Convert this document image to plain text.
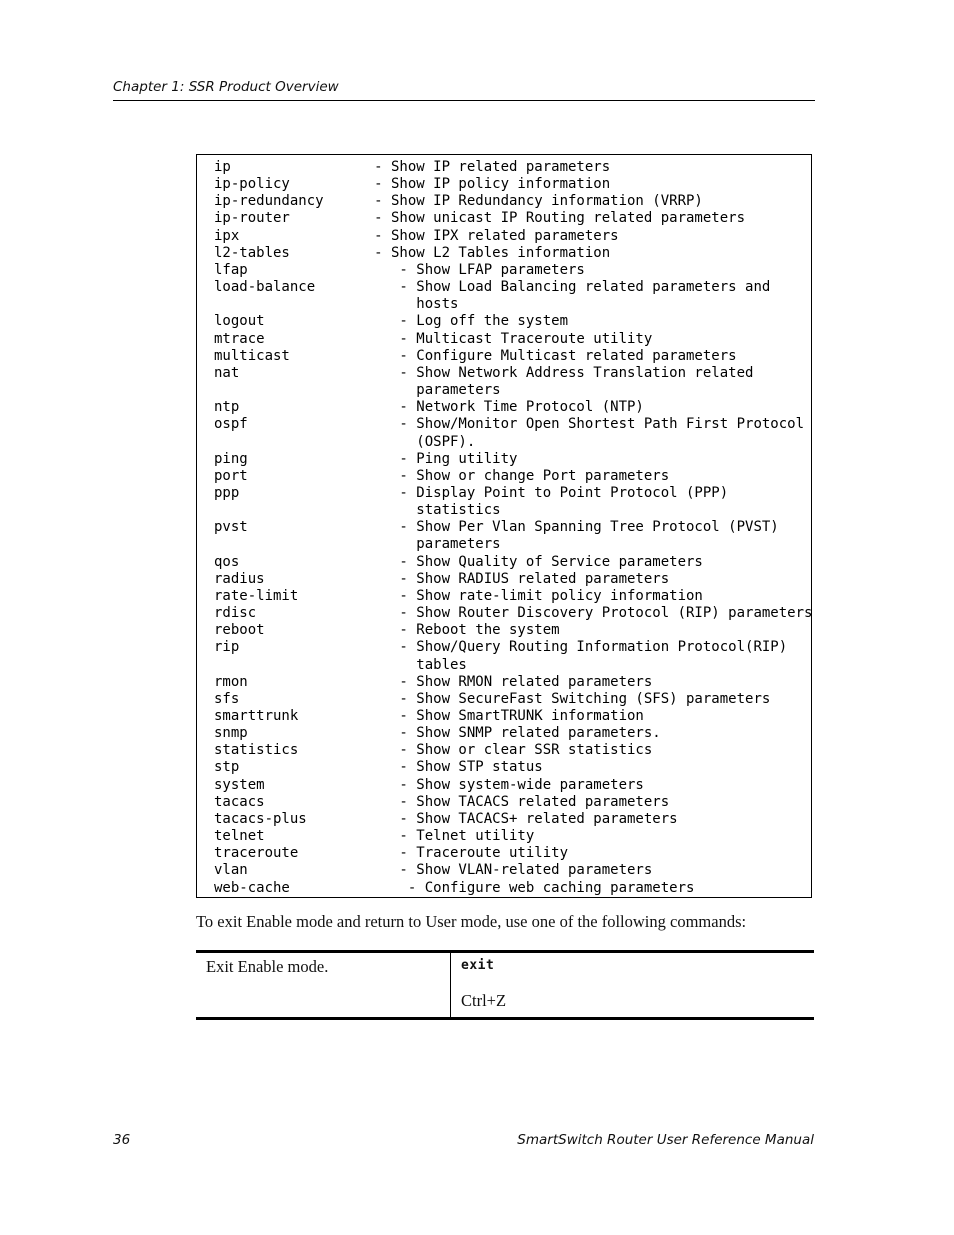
Chapter 1: SSR Product Overview
ip                 - Show IP related parameters
ip-policy          - Show IP policy information
ip-redundancy      - Show IP Redundancy information (VRRP)
ip-router          - Show unicast IP Routing related parameters
ipx                - Show IPX related parameters
l2-tables          - Show L2 Tables information
lfap                  - Show LFAP parameters
load-balance          - Show Load Balancing related parameters and
hosts
logout                - Log off the system
mtrace                - Multicast Traceroute utility
multicast             - Configure Multicast related parameters
nat                   - Show Network Address Translation related
parameters
ntp                   - Network Time Protocol (NTP)
ospf                  - Show/Monitor Open Shortest Path First Protocol
(OSPF).
ping                  - Ping utility
port                  - Show or change Port parameters
ppp                   - Display Point to Point Protocol (PPP)
statistics
pvst                  - Show Per Vlan Spanning Tree Protocol (PVST)
parameters
qos                   - Show Quality of Service parameters
radius                - Show RADIUS related parameters
rate-limit            - Show rate-limit policy information
rdisc                 - Show Router Discovery Protocol (RIP) parameters
reboot                - Reboot the system
rip                   - Show/Query Routing Information Protocol(RIP)
tables
rmon                  - Show RMON related parameters
sfs                   - Show SecureFast Switching (SFS) parameters
smarttrunk            - Show SmartTRUNK information
snmp                  - Show SNMP related parameters.
statistics            - Show or clear SSR statistics
stp                   - Show STP status
system                - Show system-wide parameters
tacacs                - Show TACACS related parameters
tacacs-plus           - Show TACACS+ related parameters
telnet                - Telnet utility
traceroute            - Traceroute utility
vlan                  - Show VLAN-related parameters
web-cache              - Configure web caching parameters
To exit Enable mode and return to User mode, use one of the following commands:
Exit Enable mode.	exit
Ctrl+Z
36	SmartSwitch Router User Reference Manual
